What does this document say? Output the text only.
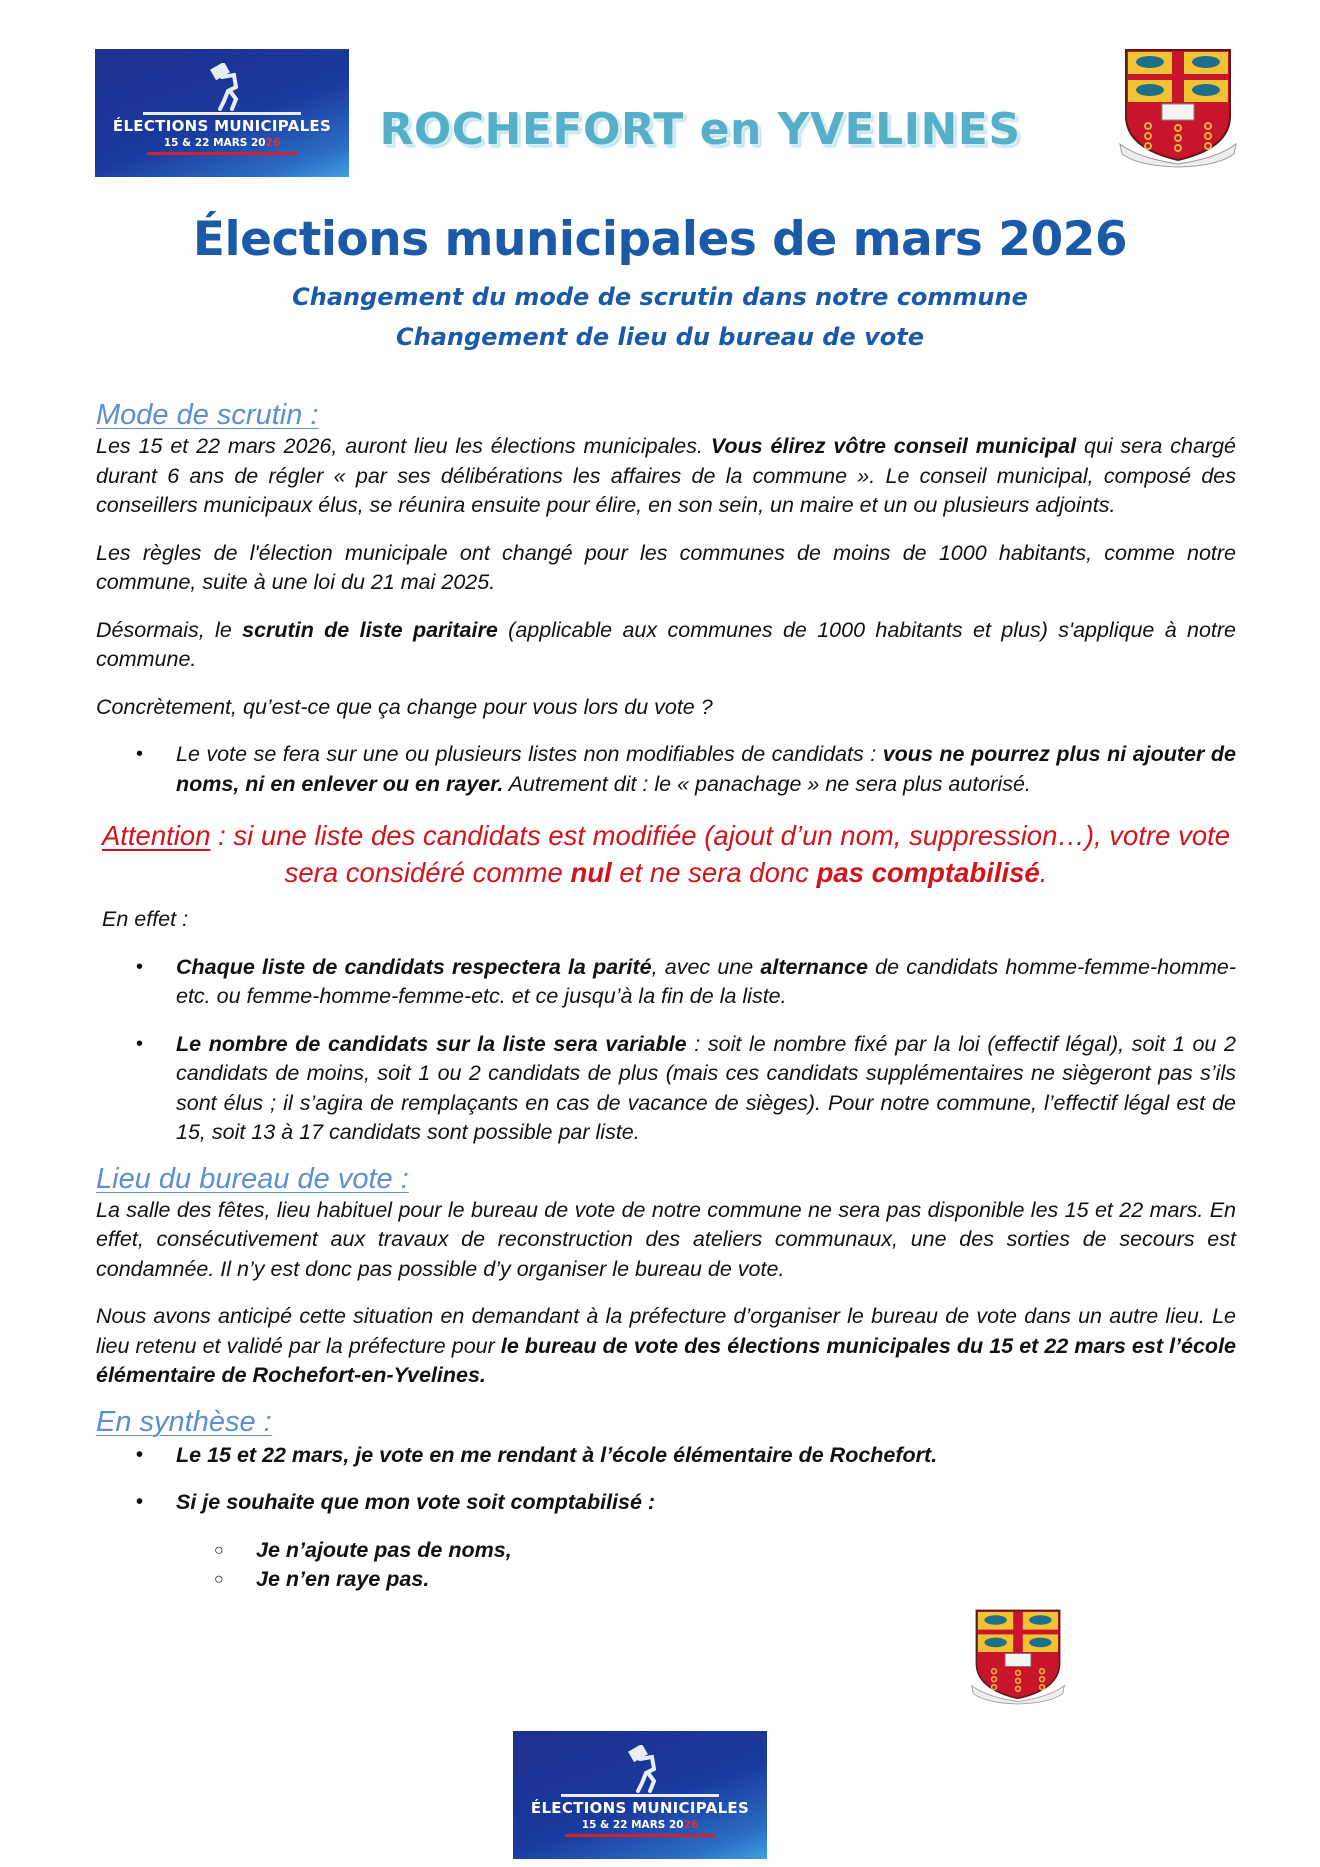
ÉLECTIONS MUNICIPALES
15 & 22 MARS 2026	ROCHEFORT en YVELINES
Élections municipales de mars 2026
Changement du mode de scrutin dans notre commune
Changement de lieu du bureau de vote
Mode de scrutin :

Les 15 et 22 mars 2026, auront lieu les élections municipales. Vous élirez vôtre conseil municipal qui sera chargé durant 6 ans de régler « par ses délibérations les affaires de la commune ». Le conseil municipal, composé des conseillers municipaux élus, se réunira ensuite pour élire, en son sein, un maire et un ou plusieurs adjoints.

Les règles de l'élection municipale ont changé pour les communes de moins de 1000 habitants, comme notre commune, suite à une loi du 21 mai 2025.

Désormais, le scrutin de liste paritaire (applicable aux communes de 1000 habitants et plus) s'applique à notre commune.

Concrètement, qu’est-ce que ça change pour vous lors du vote ?

• Le vote se fera sur une ou plusieurs listes non modifiables de candidats : vous ne pourrez plus ni ajouter de noms, ni en enlever ou en rayer. Autrement dit : le « panachage » ne sera plus autorisé.
Attention : si une liste des candidats est modifiée (ajout d’un nom, suppression…), votre vote sera considéré comme nul et ne sera donc pas comptabilisé.

En effet :

• Chaque liste de candidats respectera la parité, avec une alternance de candidats homme-femme-homme-etc. ou femme-homme-femme-etc. et ce jusqu’à la fin de la liste.
• Le nombre de candidats sur la liste sera variable : soit le nombre fixé par la loi (effectif légal), soit 1 ou 2 candidats de moins, soit 1 ou 2 candidats de plus (mais ces candidats supplémentaires ne siègeront pas s’ils sont élus ; il s’agira de remplaçants en cas de vacance de sièges). Pour notre commune, l’effectif légal est de 15, soit 13 à 17 candidats sont possible par liste.
Lieu du bureau de vote :

La salle des fêtes, lieu habituel pour le bureau de vote de notre commune ne sera pas disponible les 15 et 22 mars. En effet, consécutivement aux travaux de reconstruction des ateliers communaux, une des sorties de secours est condamnée. Il n’y est donc pas possible d’y organiser le bureau de vote.

Nous avons anticipé cette situation en demandant à la préfecture d’organiser le bureau de vote dans un autre lieu. Le lieu retenu et validé par la préfecture pour le bureau de vote des élections municipales du 15 et 22 mars est l’école élémentaire de Rochefort-en-Yvelines.

En synthèse :
• Le 15 et 22 mars, je vote en me rendant à l’école élémentaire de Rochefort.
• Si je souhaite que mon vote soit comptabilisé :
○ Je n’ajoute pas de noms,
○ Je n’en raye pas.
ÉLECTIONS MUNICIPALES
15 & 22 MARS 2026
